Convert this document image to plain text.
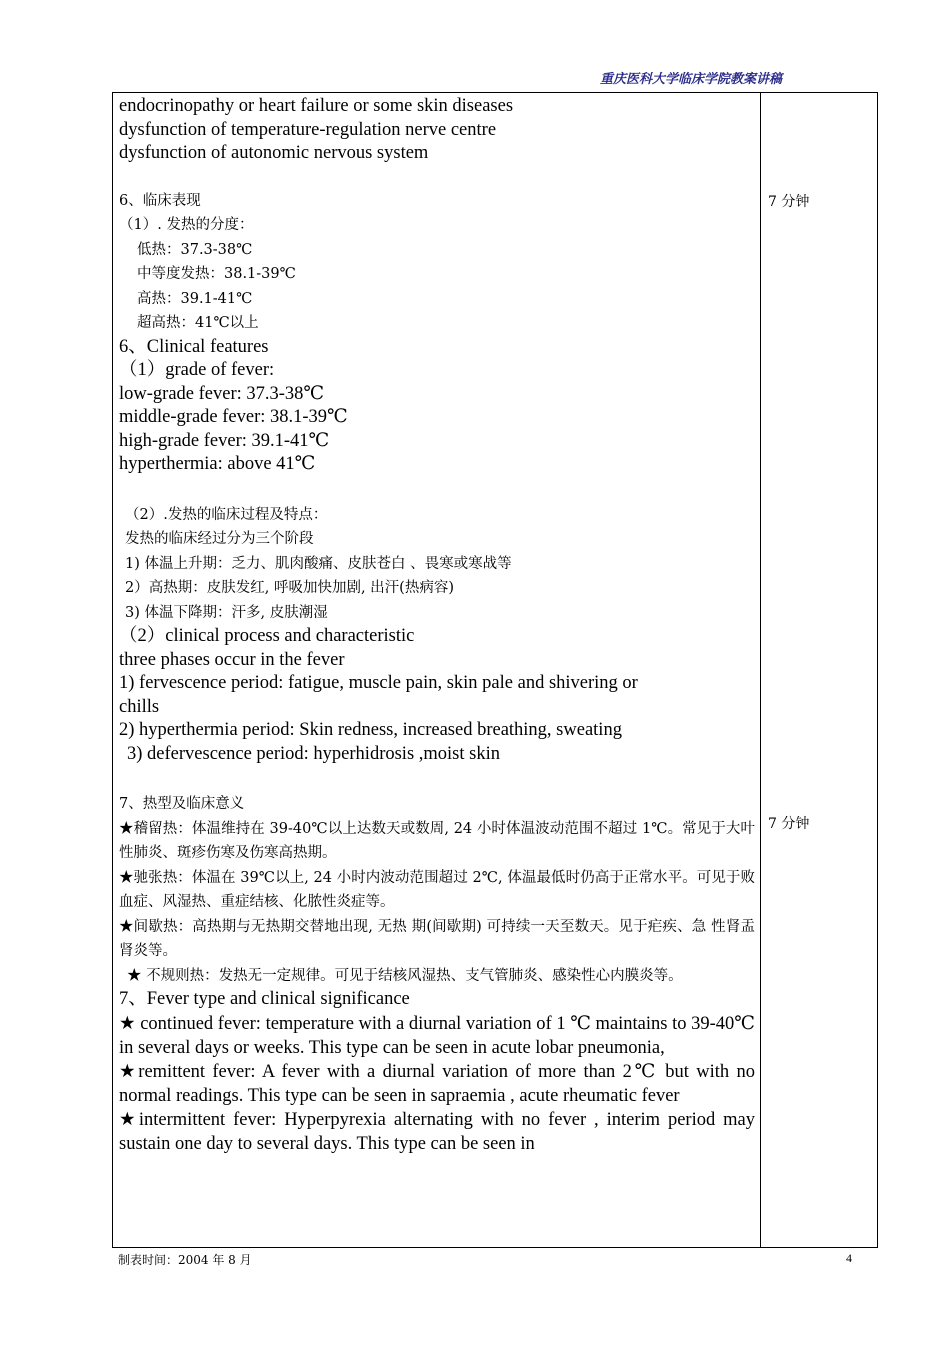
重庆医科大学临床学院教案讲稿

endocrinopathy or heart failure or some skin diseases

dysfunction of temperature-regulation nerve centre

dysfunction of autonomic nervous system

6、临床表现

（1）. 发热的分度：

低热：37.3-38℃

中等度发热：38.1-39℃

高热：39.1-41℃

超高热：41℃以上

6、Clinical features

（1）grade of fever:

low-grade fever: 37.3-38℃

middle-grade fever: 38.1-39℃

high-grade fever: 39.1-41℃

hyperthermia: above 41℃

（2）.发热的临床过程及特点：

发热的临床经过分为三个阶段

1) 体温上升期：乏力、肌肉酸痛、皮肤苍白 、畏寒或寒战等

2）高热期：皮肤发红, 呼吸加快加剧, 出汗(热病容)

3) 体温下降期：汗多, 皮肤潮湿

（2）clinical process and characteristic

three phases occur in the fever

1) fervescence period: fatigue, muscle pain, skin pale and shivering or

chills

2) hyperthermia period: Skin redness, increased breathing, sweating

3) defervescence period: hyperhidrosis ,moist skin

7、热型及临床意义

★稽留热：体温维持在 39-40℃以上达数天或数周, 24 小时体温波动范围不超过 1℃。常见于大叶性肺炎、斑疹伤寒及伤寒高热期。

★驰张热：体温在 39℃以上, 24 小时内波动范围超过 2℃, 体温最低时仍高于正常水平。可见于败血症、风湿热、重症结核、化脓性炎症等。

★间歇热：高热期与无热期交替地出现, 无热 期(间歇期) 可持续一天至数天。见于疟疾、急 性肾盂肾炎等。

★ 不规则热：发热无一定规律。可见于结核风湿热、支气管肺炎、感染性心内膜炎等。

7、Fever type and clinical significance

★ continued fever: temperature with a diurnal variation of 1 ℃ maintains to 39-40℃ in several days or weeks. This type can be seen in acute lobar pneumonia,

★remittent fever: A fever with a diurnal variation of more than 2℃ but with no normal readings. This type can be seen in sapraemia , acute rheumatic fever

★intermittent fever: Hyperpyrexia alternating with no fever , interim period may sustain one day to several days. This type can be seen in

7 分钟
7 分钟
制表时间：2004 年 8 月	4
